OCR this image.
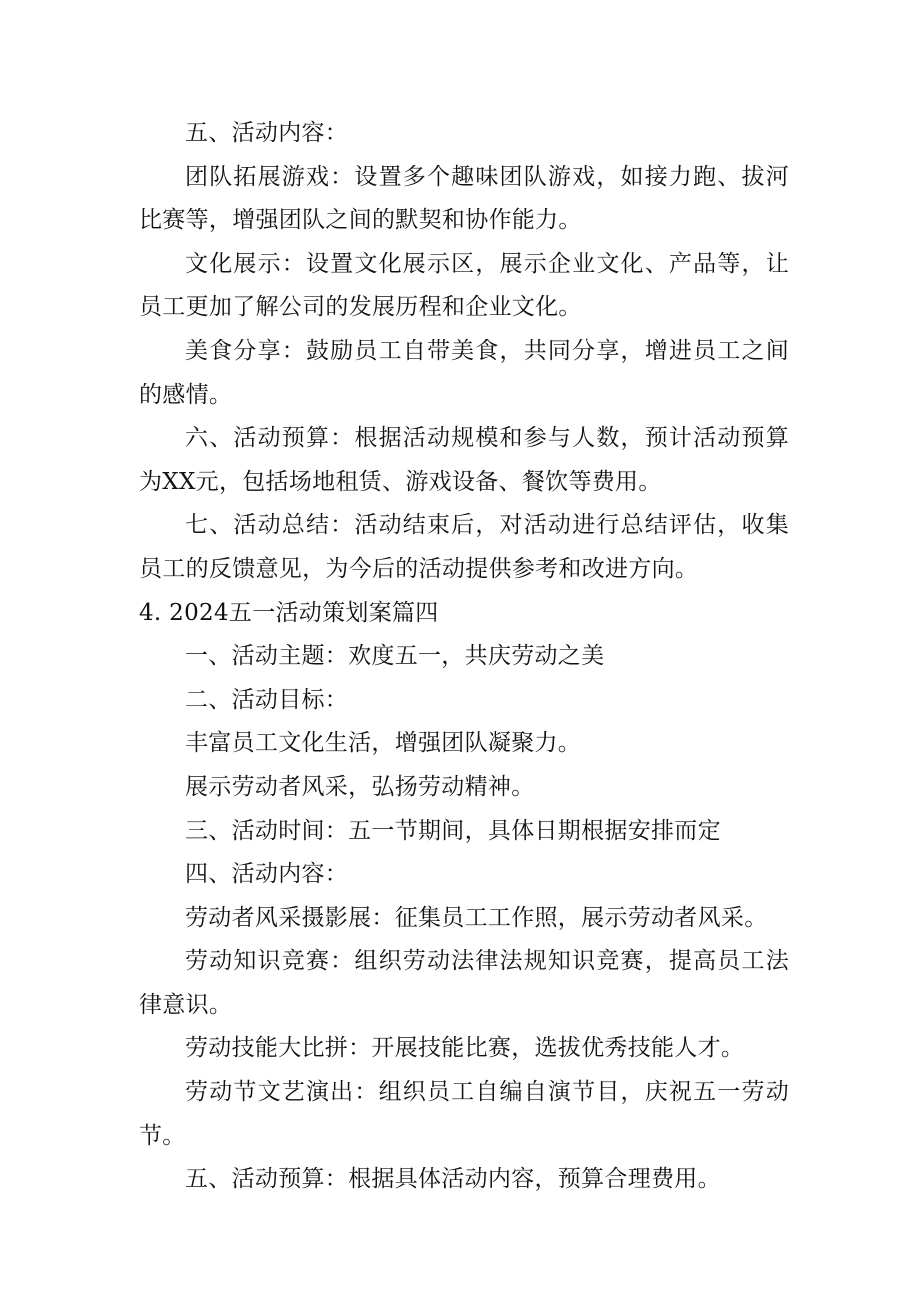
五、活动内容：

团队拓展游戏：设置多个趣味团队游戏，如接力跑、拔河比赛等，增强团队之间的默契和协作能力。

文化展示：设置文化展示区，展示企业文化、产品等，让员工更加了解公司的发展历程和企业文化。

美食分享：鼓励员工自带美食，共同分享，增进员工之间的感情。

六、活动预算：根据活动规模和参与人数，预计活动预算为XX元，包括场地租赁、游戏设备、餐饮等费用。

七、活动总结：活动结束后，对活动进行总结评估，收集员工的反馈意见，为今后的活动提供参考和改进方向。

4. 2024五一活动策划案篇四

一、活动主题：欢度五一，共庆劳动之美

二、活动目标：

丰富员工文化生活，增强团队凝聚力。

展示劳动者风采，弘扬劳动精神。

三、活动时间：五一节期间，具体日期根据安排而定

四、活动内容：

劳动者风采摄影展：征集员工工作照，展示劳动者风采。

劳动知识竞赛：组织劳动法律法规知识竞赛，提高员工法律意识。

劳动技能大比拼：开展技能比赛，选拔优秀技能人才。

劳动节文艺演出：组织员工自编自演节目，庆祝五一劳动节。

五、活动预算：根据具体活动内容，预算合理费用。
